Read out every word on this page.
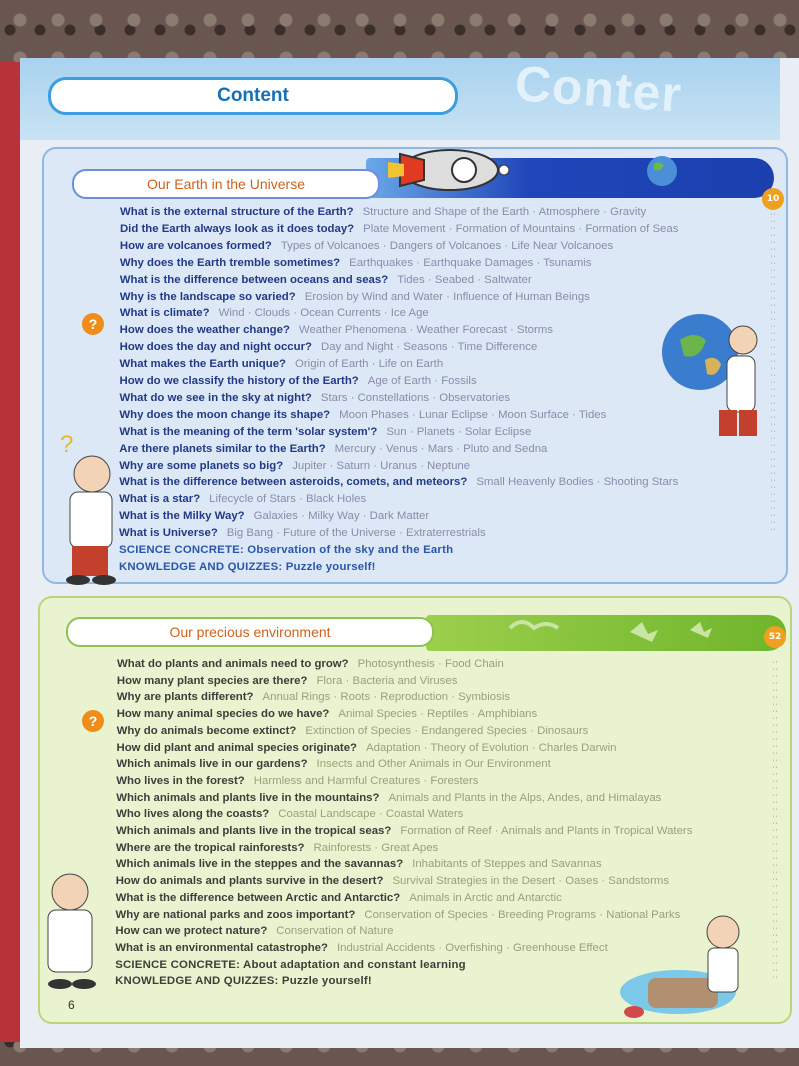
Conter
Content
Our Earth in the Universe
10
What is the external structure of the Earth? Structure and Shape of the Earth · Atmosphere · Gravity
Did the Earth always look as it does today? Plate Movement · Formation of Mountains · Formation of Seas
How are volcanoes formed? Types of Volcanoes · Dangers of Volcanoes · Life Near Volcanoes
Why does the Earth tremble sometimes? Earthquakes · Earthquake Damages · Tsunamis
What is the difference between oceans and seas? Tides · Seabed · Saltwater
Why is the landscape so varied? Erosion by Wind and Water · Influence of Human Beings
What is climate? Wind · Clouds · Ocean Currents · Ice Age
How does the weather change? Weather Phenomena · Weather Forecast · Storms
How does the day and night occur? Day and Night · Seasons · Time Difference
What makes the Earth unique? Origin of Earth · Life on Earth
How do we classify the history of the Earth? Age of Earth · Fossils
What do we see in the sky at night? Stars · Constellations · Observatories
Why does the moon change its shape? Moon Phases · Lunar Eclipse · Moon Surface · Tides
What is the meaning of the term 'solar system'? Sun · Planets · Solar Eclipse
Are there planets similar to the Earth? Mercury · Venus · Mars · Pluto and Sedna
Why are some planets so big? Jupiter · Saturn · Uranus · Neptune
What is the difference between asteroids, comets, and meteors? Small Heavenly Bodies · Shooting Stars
What is a star? Lifecycle of Stars · Black Holes
What is the Milky Way? Galaxies · Milky Way · Dark Matter
What is Universe? Big Bang · Future of the Universe · Extraterrestrials
SCIENCE CONCRETE: Observation of the sky and the Earth
KNOWLEDGE AND QUIZZES: Puzzle yourself!
?
?
··
··
··
··
··
··
··
··
··
··
··
··
··
··
··
··
··
··
··
··
··
··
··
··
··
··
··
··
··
··
··
··
··
··
··
··
··
··
··
··
··
··
··
··
··
··

Our precious environment	52
What do plants and animals need to grow? Photosynthesis · Food Chain
How many plant species are there? Flora · Bacteria and Viruses
Why are plants different? Annual Rings · Roots · Reproduction · Symbiosis
How many animal species do we have? Animal Species · Reptiles · Amphibians
Why do animals become extinct? Extinction of Species · Endangered Species · Dinosaurs
How did plant and animal species originate? Adaptation · Theory of Evolution · Charles Darwin
Which animals live in our gardens? Insects and Other Animals in Our Environment
Who lives in the forest? Harmless and Harmful Creatures · Foresters
Which animals and plants live in the mountains? Animals and Plants in the Alps, Andes, and Himalayas
Who lives along the coasts? Coastal Landscape · Coastal Waters
Which animals and plants live in the tropical seas? Formation of Reef · Animals and Plants in Tropical Waters
Where are the tropical rainforests? Rainforests · Great Apes
Which animals live in the steppes and the savannas? Inhabitants of Steppes and Savannas
How do animals and plants survive in the desert? Survival Strategies in the Desert · Oases · Sandstorms
What is the difference between Arctic and Antarctic? Animals in Arctic and Antarctic
Why are national parks and zoos important? Conservation of Species · Breeding Programs · National Parks
How can we protect nature? Conservation of Nature
What is an environmental catastrophe? Industrial Accidents · Overfishing · Greenhouse Effect
SCIENCE CONCRETE: About adaptation and constant learning
KNOWLEDGE AND QUIZZES: Puzzle yourself!
?
··
··
··
··
··
··
··
··
··
··
··
··
··
··
··
··
··
··
··
··
··
··
··
··
··
··
··
··
··
··
··
··
··
··
··
··
··
··
··
··
··
··
··
··
··
··

6
